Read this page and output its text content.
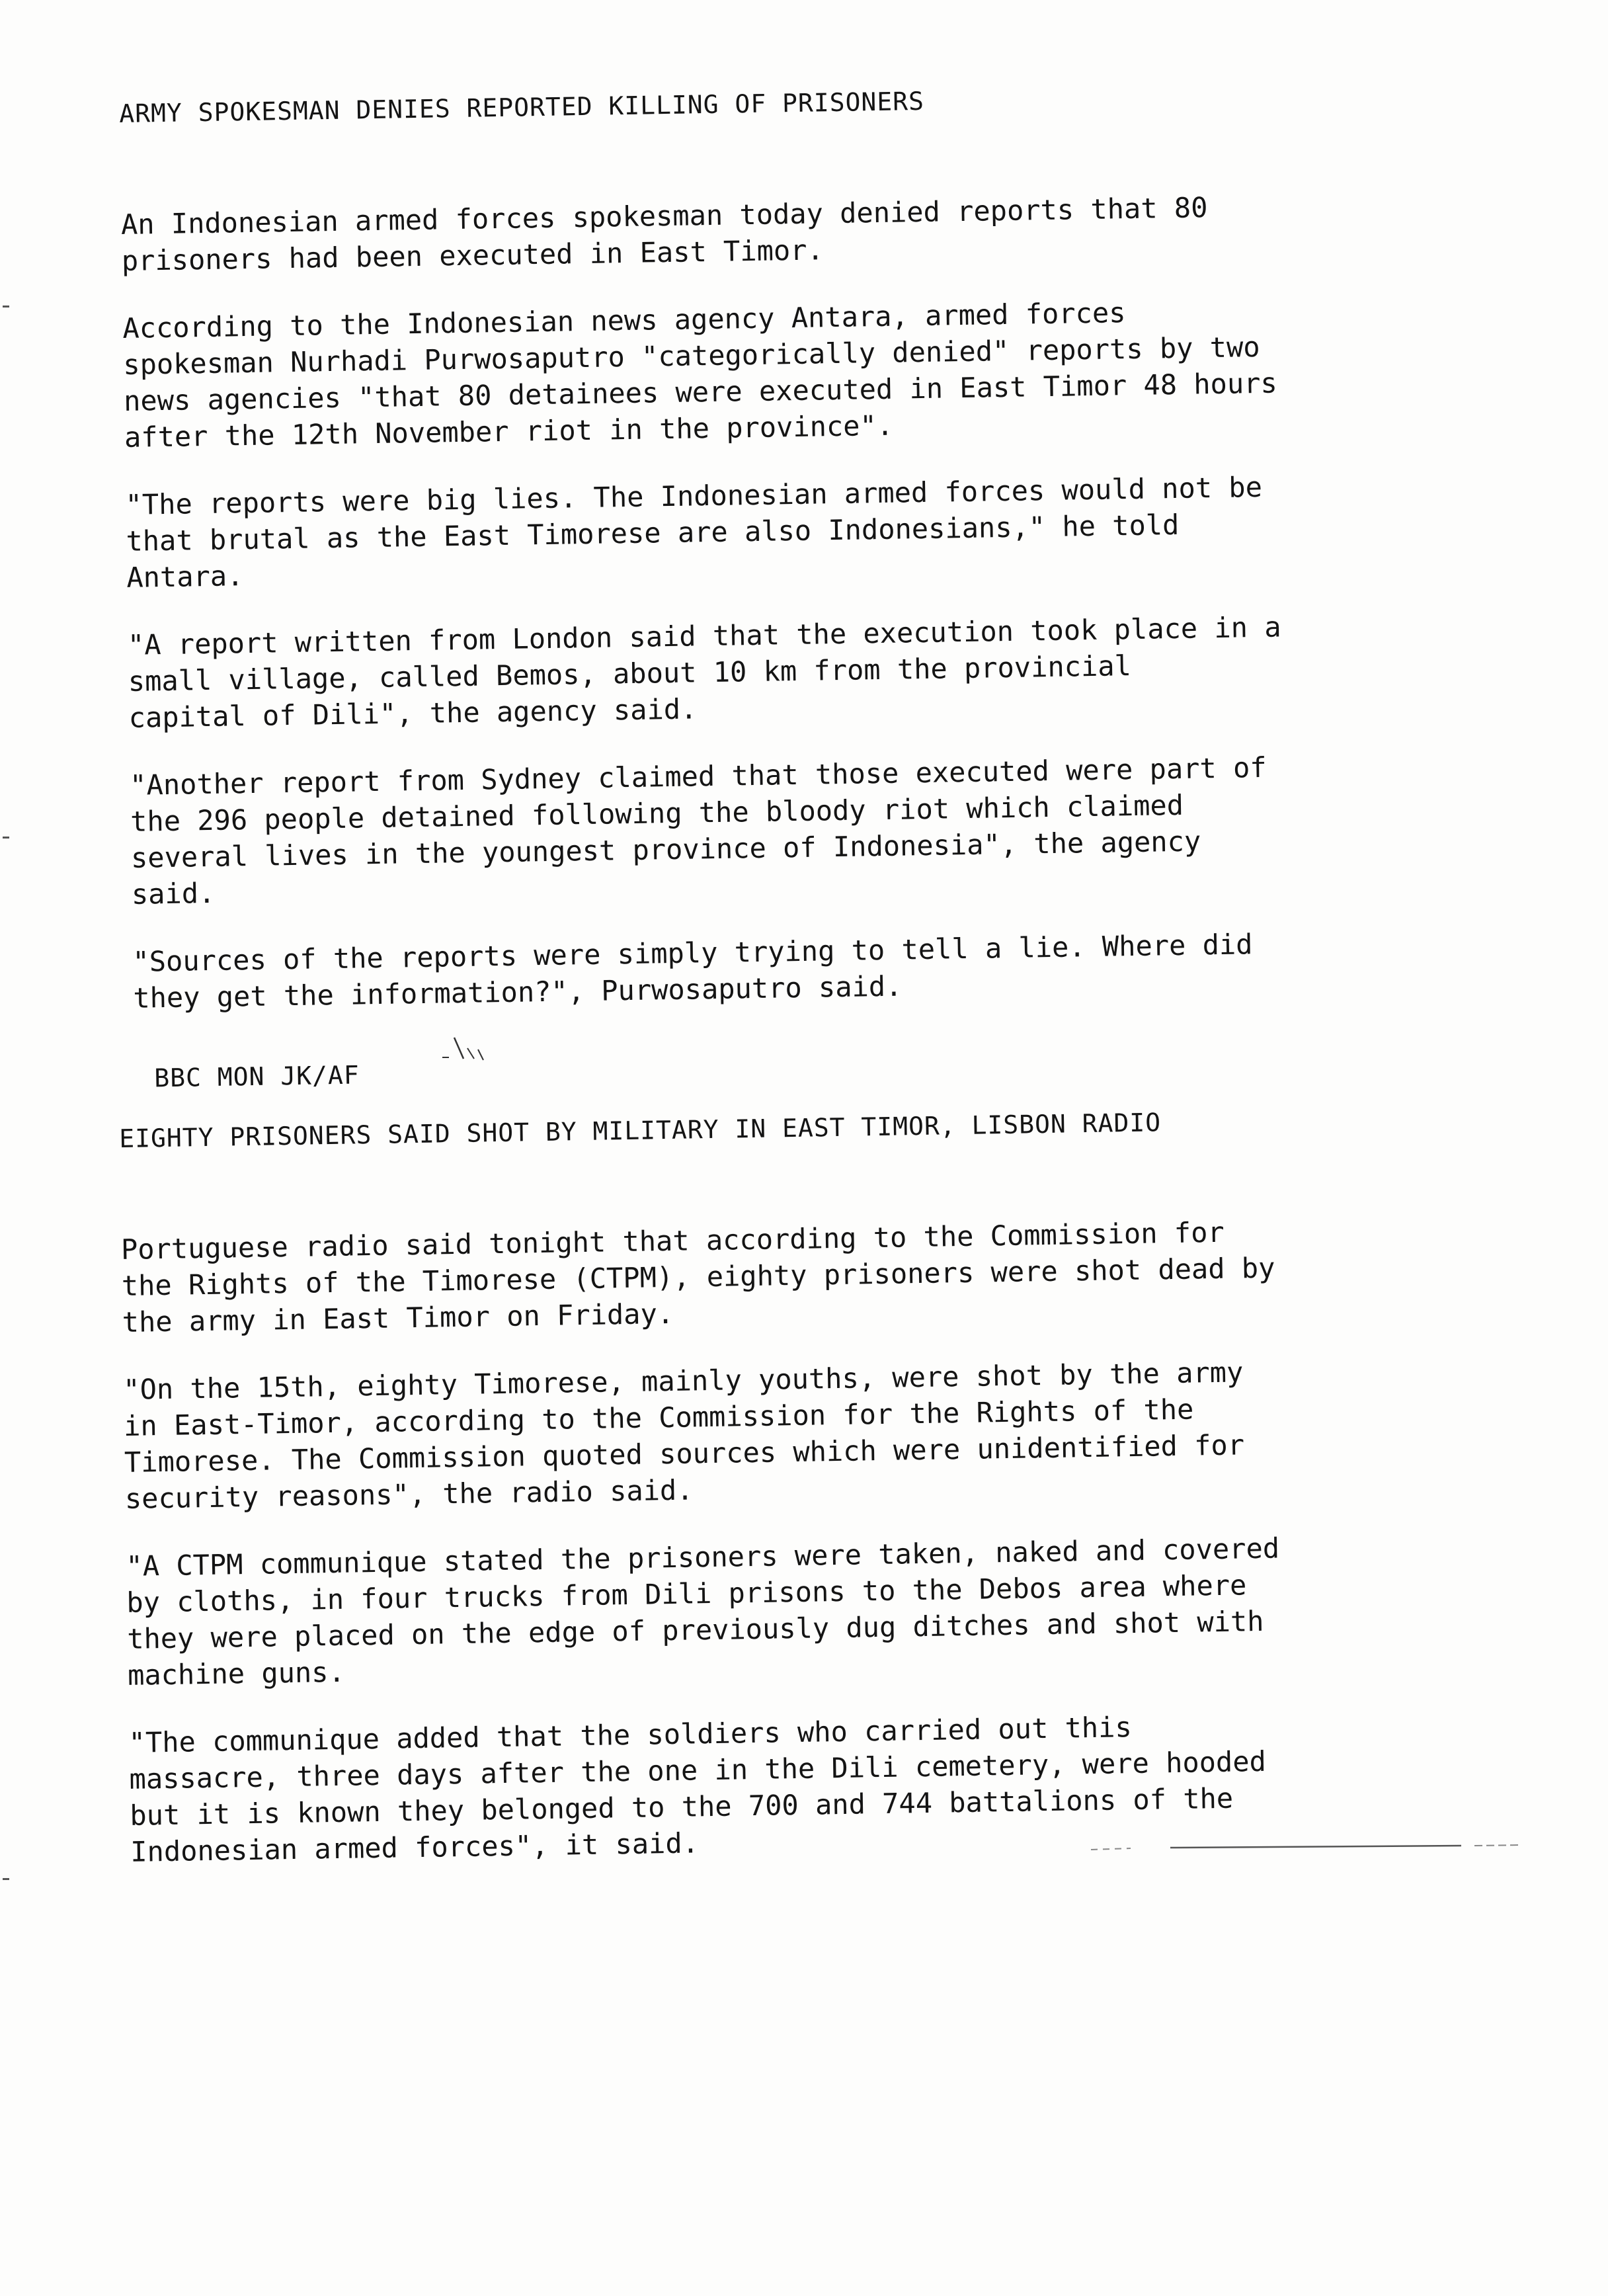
ARMY SPOKESMAN DENIES REPORTED KILLING OF PRISONERS
An Indonesian armed forces spokesman today denied reports that 80
prisoners had been executed in East Timor.
According to the Indonesian news agency Antara, armed forces
spokesman Nurhadi Purwosaputro "categorically denied" reports by two
news agencies "that 80 detainees were executed in East Timor 48 hours
after the 12th November riot in the province".
"The reports were big lies. The Indonesian armed forces would not be
that brutal as the East Timorese are also Indonesians," he told
Antara.
"A report written from London said that the execution took place in a
small village, called Bemos, about 10 km from the provincial
capital of Dili", the agency said.
"Another report from Sydney claimed that those executed were part of
the 296 people detained following the bloody riot which claimed
several lives in the youngest province of Indonesia", the agency
said.
"Sources of the reports were simply trying to tell a lie. Where did
they get the information?", Purwosaputro said.
BBC MON JK/AF
EIGHTY PRISONERS SAID SHOT BY MILITARY IN EAST TIMOR, LISBON RADIO
Portuguese radio said tonight that according to the Commission for
the Rights of the Timorese (CTPM), eighty prisoners were shot dead by
the army in East Timor on Friday.
"On the 15th, eighty Timorese, mainly youths, were shot by the army
in East-Timor, according to the Commission for the Rights of the
Timorese. The Commission quoted sources which were unidentified for
security reasons", the radio said.
"A CTPM communique stated the prisoners were taken, naked and covered
by cloths, in four trucks from Dili prisons to the Debos area where
they were placed on the edge of previously dug ditches and shot with
machine guns.
"The communique added that the soldiers who carried out this
massacre, three days after the one in the Dili cemetery, were hooded
but it is known they belonged to the 700 and 744 battalions of the
Indonesian armed forces", it said.
